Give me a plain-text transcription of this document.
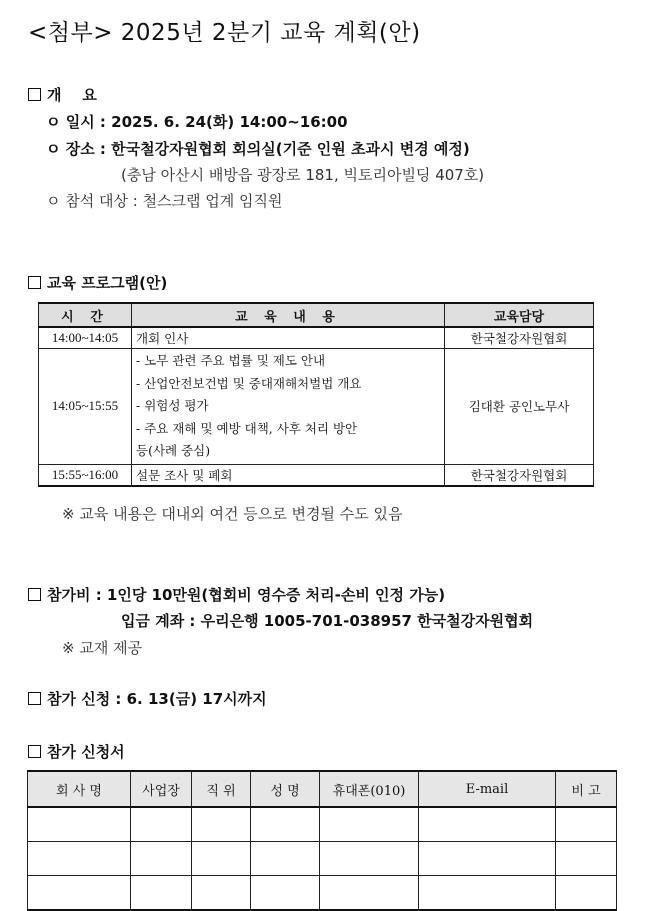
<첨부> 2025년 2분기 교육 계획(안)
개    요
ㅇ 일시 : 2025. 6. 24(화) 14:00~16:00
ㅇ 장소 : 한국철강자원협회 회의실(기준 인원 초과시 변경 예정)
(충남 아산시 배방읍 광장로 181, 빅토리아빌딩 407호)
ㅇ 참석 대상 : 철스크랩 업계 임직원
교육 프로그램(안)
시 간	교 육 내 용	교육담당
14:00~14:05	개회 인사	한국철강자원협회
14:05~15:55	- 노무 관련 주요 법률 및 제도 안내
- 산업안전보건법 및 중대재해처벌법 개요
- 위험성 평가
- 주요 재해 및 예방 대책, 사후 처리 방안
등(사례 중심)	김대환 공인노무사
15:55~16:00	설문 조사 및 폐회	한국철강자원협회
※ 교육 내용은 대내외 여건 등으로 변경될 수도 있음
참가비 : 1인당 10만원(협회비 영수증 처리-손비 인정 가능)
입금 계좌 : 우리은행 1005-701-038957 한국철강자원협회
※ 교재 제공
참가 신청 : 6. 13(금) 17시까지
참가 신청서
회 사 명	사업장	직 위	성 명	휴대폰(010)	E-mail	비 고
